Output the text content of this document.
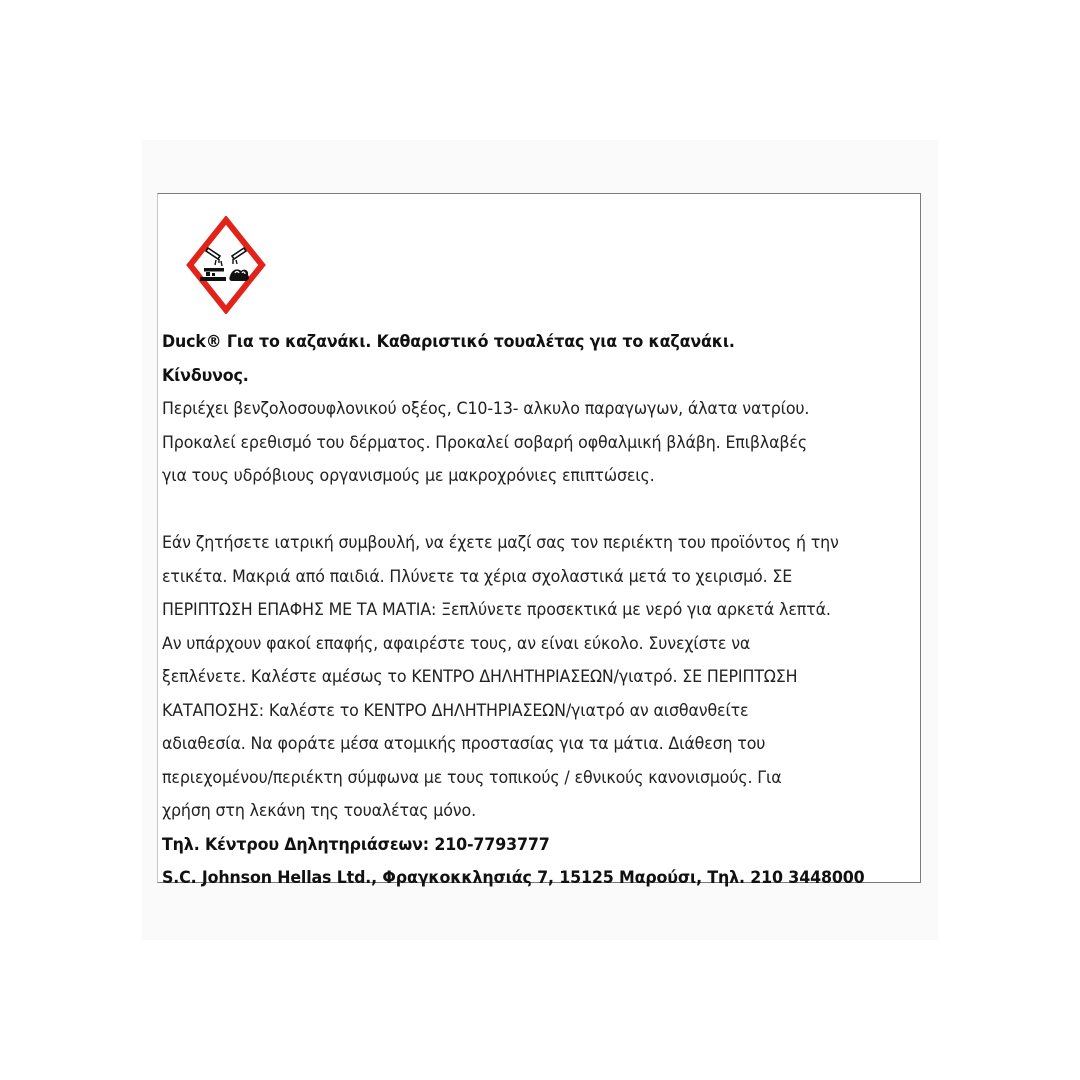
Duck® Για το καζανάκι. Καθαριστικό τουαλέτας για το καζανάκι.

Κίνδυνος.

Περιέχει βενζολοσουφλονικού οξέος, C10-13- αλκυλο παραγωγων, άλατα νατρίου.

Προκαλεί ερεθισμό του δέρματος. Προκαλεί σοβαρή οφθαλμική βλάβη. Επιβλαβές

για τους υδρόβιους οργανισμούς με μακροχρόνιες επιπτώσεις.

Εάν ζητήσετε ιατρική συμβουλή, να έχετε μαζί σας τον περιέκτη του προϊόντος ή την

ετικέτα. Μακριά από παιδιά. Πλύνετε τα χέρια σχολαστικά μετά το χειρισμό. ΣΕ

ΠΕΡΙΠΤΩΣΗ ΕΠΑΦΗΣ ΜΕ ΤΑ ΜΑΤΙΑ: Ξεπλύνετε προσεκτικά με νερό για αρκετά λεπτά.

Αν υπάρχουν φακοί επαφής, αφαιρέστε τους, αν είναι εύκολο. Συνεχίστε να

ξεπλένετε. Καλέστε αμέσως το ΚΕΝΤΡΟ ΔΗΛΗΤΗΡΙΑΣΕΩΝ/γιατρό. ΣΕ ΠΕΡΙΠΤΩΣΗ

ΚΑΤΑΠΟΣΗΣ: Καλέστε το ΚΕΝΤΡΟ ΔΗΛΗΤΗΡΙΑΣΕΩΝ/γιατρό αν αισθανθείτε

αδιαθεσία. Να φοράτε μέσα ατομικής προστασίας για τα μάτια. Διάθεση του

περιεχομένου/περιέκτη σύμφωνα με τους τοπικούς / εθνικούς κανονισμούς. Για

χρήση στη λεκάνη της τουαλέτας μόνο.

Τηλ. Κέντρου Δηλητηριάσεων: 210-7793777

S.C. Johnson Hellas Ltd., Φραγκοκκλησιάς 7, 15125 Μαρούσι, Τηλ. 210 3448000
